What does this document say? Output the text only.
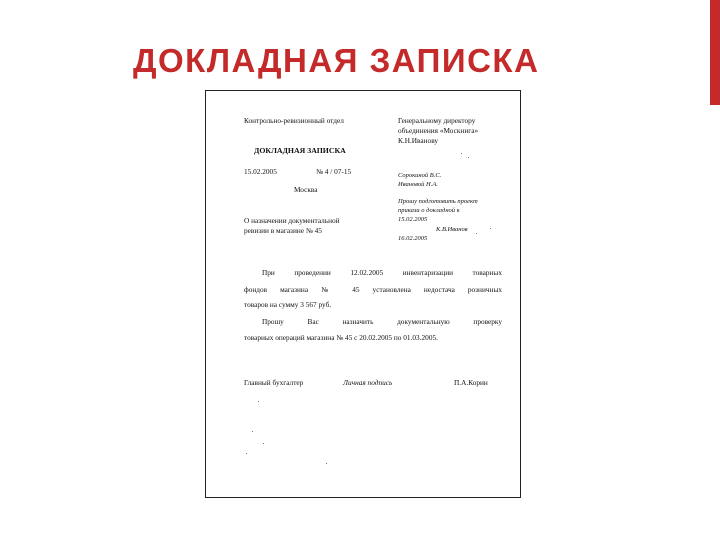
ДОКЛАДНАЯ ЗАПИСКА
Контрольно-ревизионный отдел	Генеральному директору
объединения «Москнига»
К.Н.Иванову
ДОКЛАДНАЯ ЗАПИСКА
15.02.2005	№ 4 / 07-15
Москва
О назначении документальной
ревизии в магазине № 45
Сорокиной В.С.
Ивановой Н.А.
Прошу подготовить проект
приказа о докладной к
15.02.2005
К.В.Иванов
16.02.2005
При проведении 12.02.2005 инвентаризации товарных
фондов магазина № 45 установлена недостача розничных
товаров на сумму 3 567 руб.
Прошу Вас назначить документальную проверку
товарных операций магазина № 45 с 20.02.2005 по 01.03.2005.
Главный бухгалтер	Личная подпись	П.А.Корин
